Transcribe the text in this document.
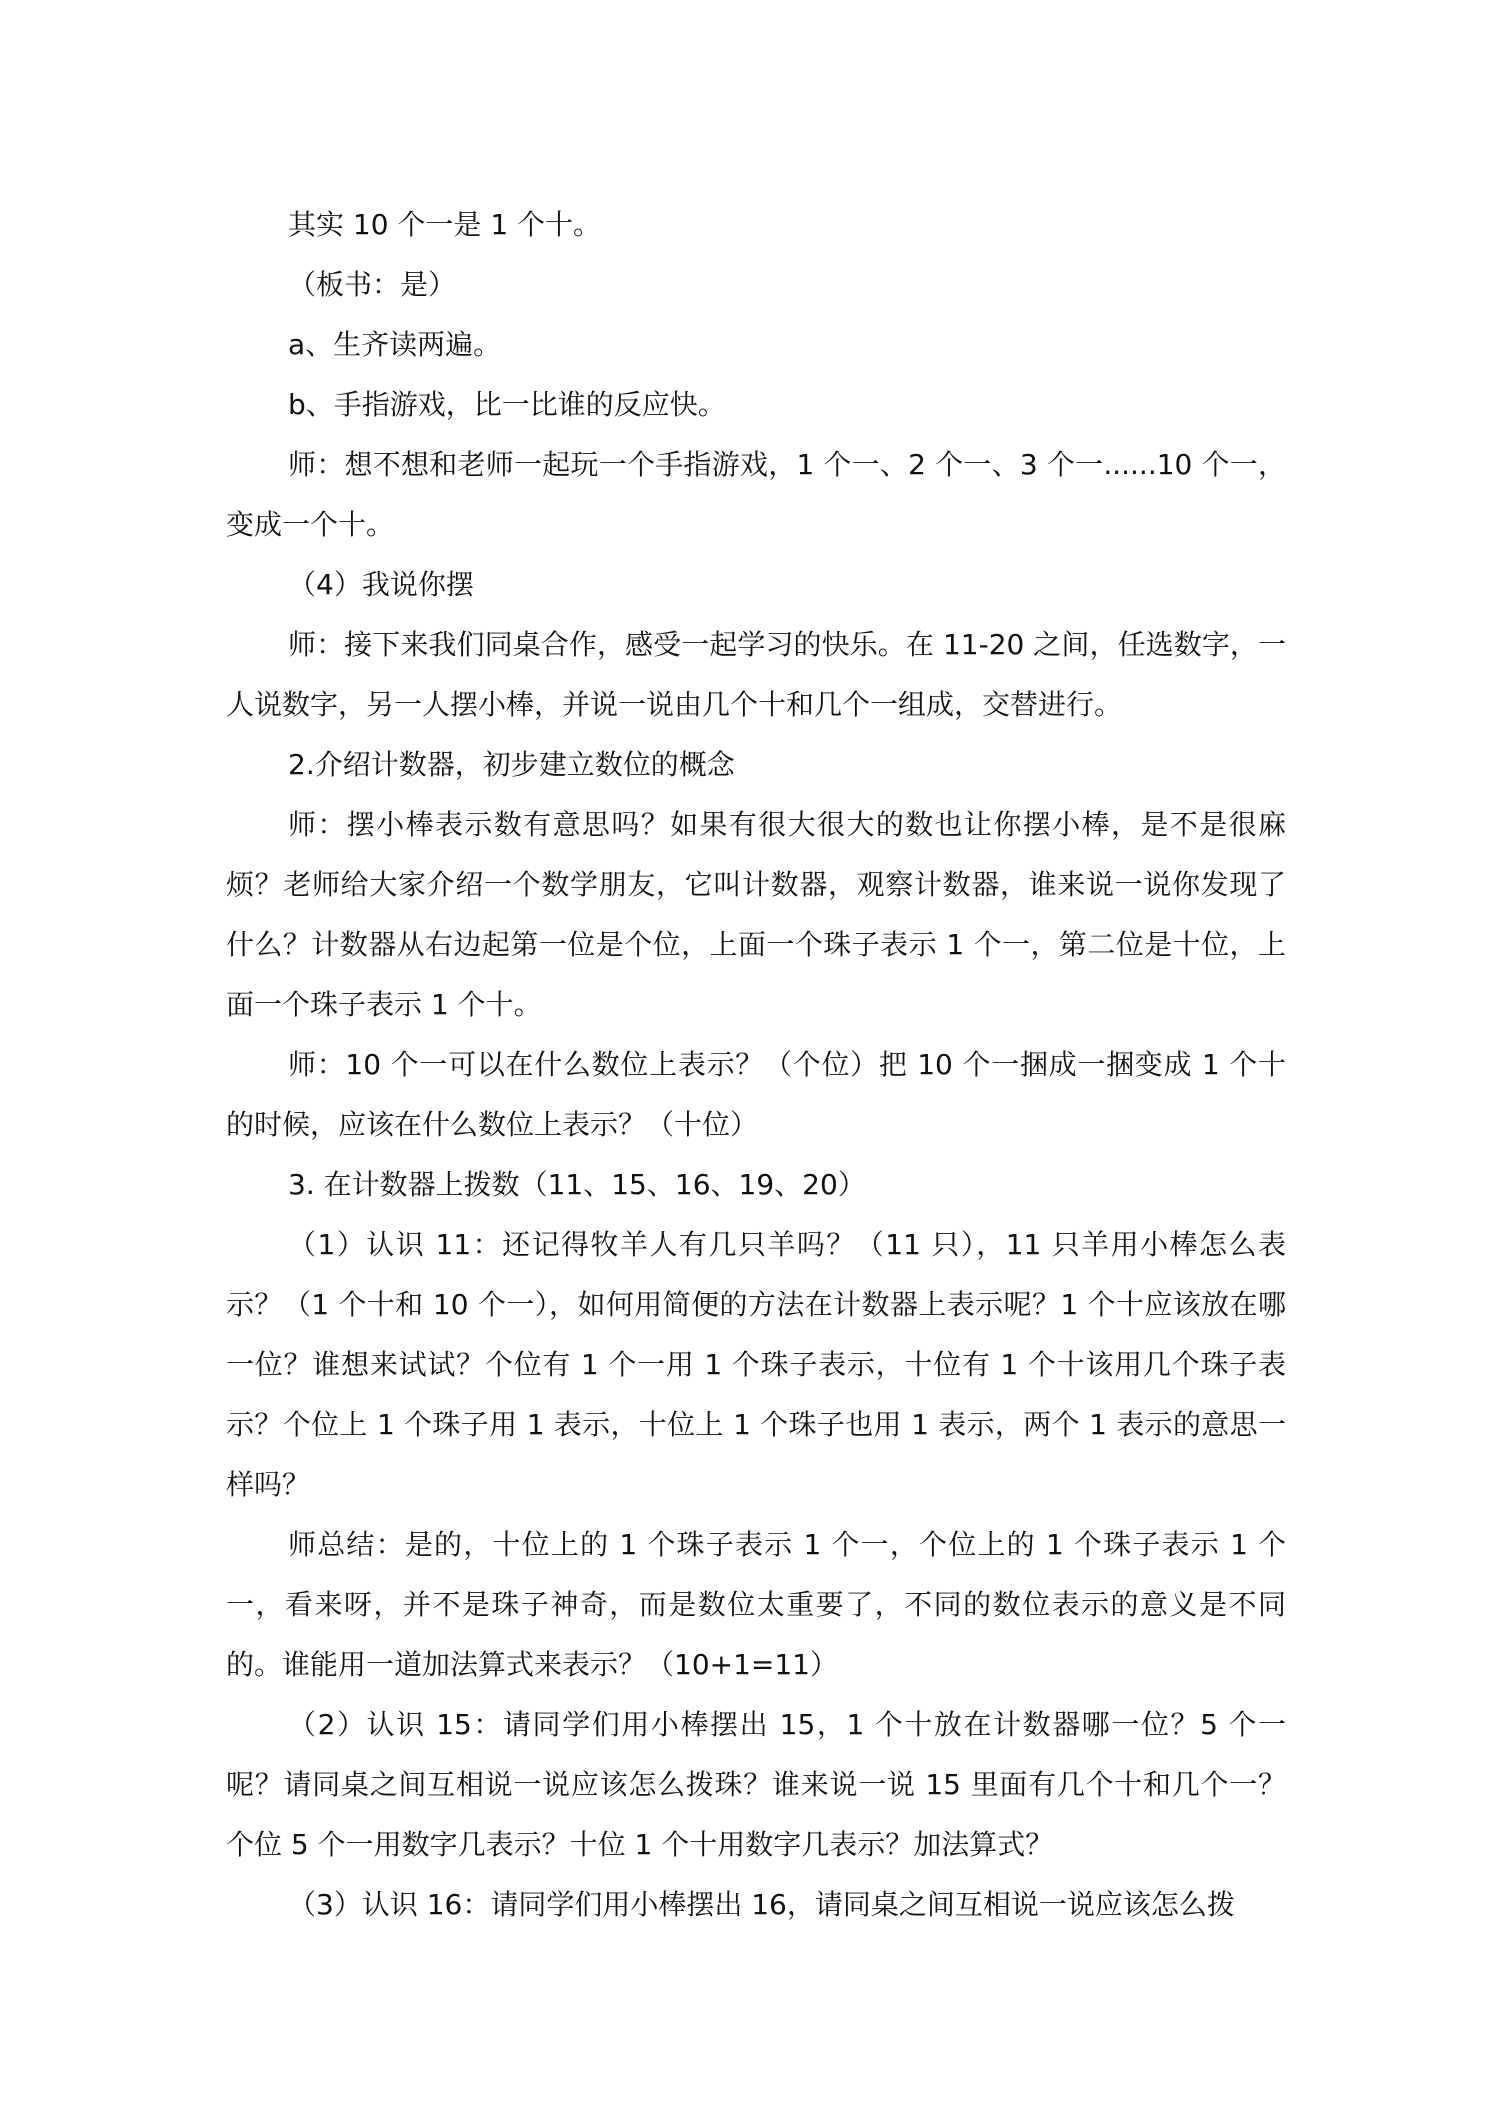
其实 10 个一是 1 个十。

（板书：是）

a、生齐读两遍。

b、手指游戏，比一比谁的反应快。

师：想不想和老师一起玩一个手指游戏，1 个一、2 个一、3 个一......10 个一，变成一个十。

（4）我说你摆

师：接下来我们同桌合作，感受一起学习的快乐。在 11-20 之间，任选数字，一人说数字，另一人摆小棒，并说一说由几个十和几个一组成，交替进行。

2.介绍计数器，初步建立数位的概念

师：摆小棒表示数有意思吗？如果有很大很大的数也让你摆小棒，是不是很麻烦？老师给大家介绍一个数学朋友，它叫计数器，观察计数器，谁来说一说你发现了什么？计数器从右边起第一位是个位，上面一个珠子表示 1 个一，第二位是十位，上面一个珠子表示 1 个十。

师：10 个一可以在什么数位上表示？（个位）把 10 个一捆成一捆变成 1 个十的时候，应该在什么数位上表示？（十位）

3. 在计数器上拨数（11、15、16、19、20）

（1）认识 11：还记得牧羊人有几只羊吗？（11 只），11 只羊用小棒怎么表示？（1 个十和 10 个一），如何用简便的方法在计数器上表示呢？1 个十应该放在哪一位？谁想来试试？个位有 1 个一用 1 个珠子表示，十位有 1 个十该用几个珠子表示？个位上 1 个珠子用 1 表示，十位上 1 个珠子也用 1 表示，两个 1 表示的意思一样吗？

师总结：是的，十位上的 1 个珠子表示 1 个一，个位上的 1 个珠子表示 1 个一，看来呀，并不是珠子神奇，而是数位太重要了，不同的数位表示的意义是不同的。谁能用一道加法算式来表示？（10+1=11）

（2）认识 15：请同学们用小棒摆出 15，1 个十放在计数器哪一位？5 个一呢？请同桌之间互相说一说应该怎么拨珠？谁来说一说 15 里面有几个十和几个一？个位 5 个一用数字几表示？十位 1 个十用数字几表示？加法算式？

（3）认识 16：请同学们用小棒摆出 16，请同桌之间互相说一说应该怎么拨
